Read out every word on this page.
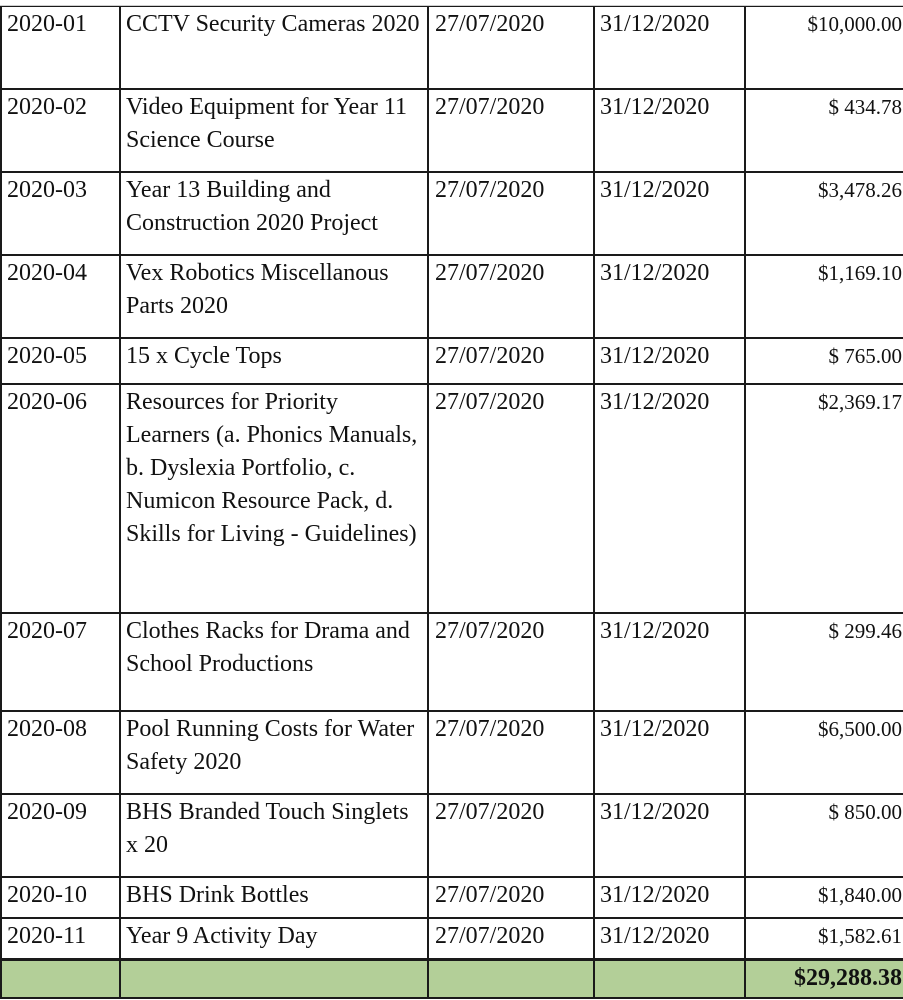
2020-01	CCTV Security Cameras 2020	27/07/2020	31/12/2020	$10,000.00
2020-02	Video Equipment for Year 11 Science Course	27/07/2020	31/12/2020	$ 434.78
2020-03	Year 13 Building and Construction 2020 Project	27/07/2020	31/12/2020	$3,478.26
2020-04	Vex Robotics Miscellanous Parts 2020	27/07/2020	31/12/2020	$1,169.10
2020-05	15 x Cycle Tops	27/07/2020	31/12/2020	$ 765.00
2020-06	Resources for Priority Learners (a. Phonics Manuals, b. Dyslexia Portfolio, c. Numicon Resource Pack, d. Skills for Living - Guidelines)	27/07/2020	31/12/2020	$2,369.17
2020-07	Clothes Racks for Drama and School Productions	27/07/2020	31/12/2020	$ 299.46
2020-08	Pool Running Costs for Water Safety 2020	27/07/2020	31/12/2020	$6,500.00
2020-09	BHS Branded Touch Singlets x 20	27/07/2020	31/12/2020	$ 850.00
2020-10	BHS Drink Bottles	27/07/2020	31/12/2020	$1,840.00
2020-11	Year 9 Activity Day	27/07/2020	31/12/2020	$1,582.61
				$29,288.38
